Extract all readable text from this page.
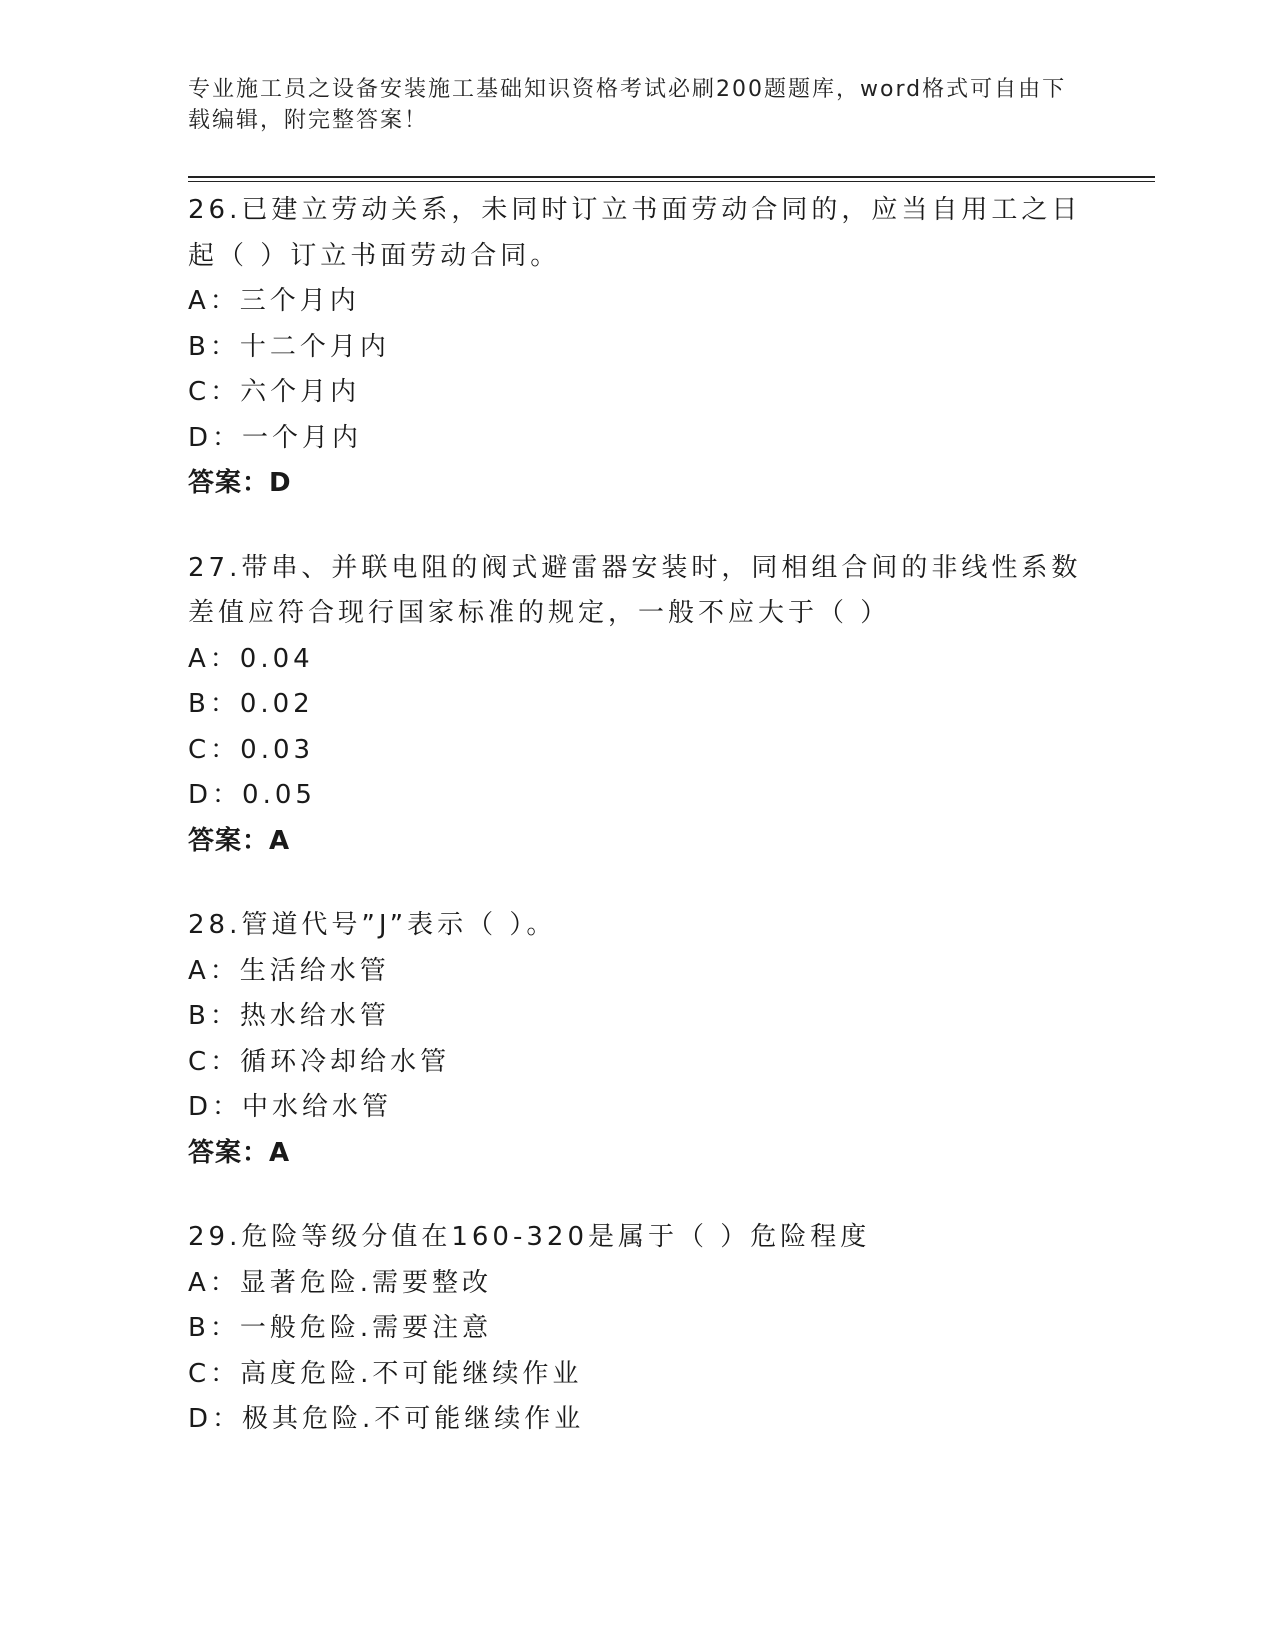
专业施工员之设备安装施工基础知识资格考试必刷200题题库，word格式可自由下载编辑，附完整答案！
26.已建立劳动关系，未同时订立书面劳动合同的，应当自用工之日起（ ）订立书面劳动合同。
A：三个月内
B：十二个月内
C：六个月内
D：一个月内
答案：D
27.带串、并联电阻的阀式避雷器安装时，同相组合间的非线性系数差值应符合现行国家标准的规定，一般不应大于（ ）
A：0.04
B：0.02
C：0.03
D：0.05
答案：A
28.管道代号”J”表示（ ）。
A：生活给水管
B：热水给水管
C：循环冷却给水管
D：中水给水管
答案：A
29.危险等级分值在160-320是属于（ ）危险程度
A：显著危险.需要整改
B：一般危险.需要注意
C：高度危险.不可能继续作业
D：极其危险.不可能继续作业
